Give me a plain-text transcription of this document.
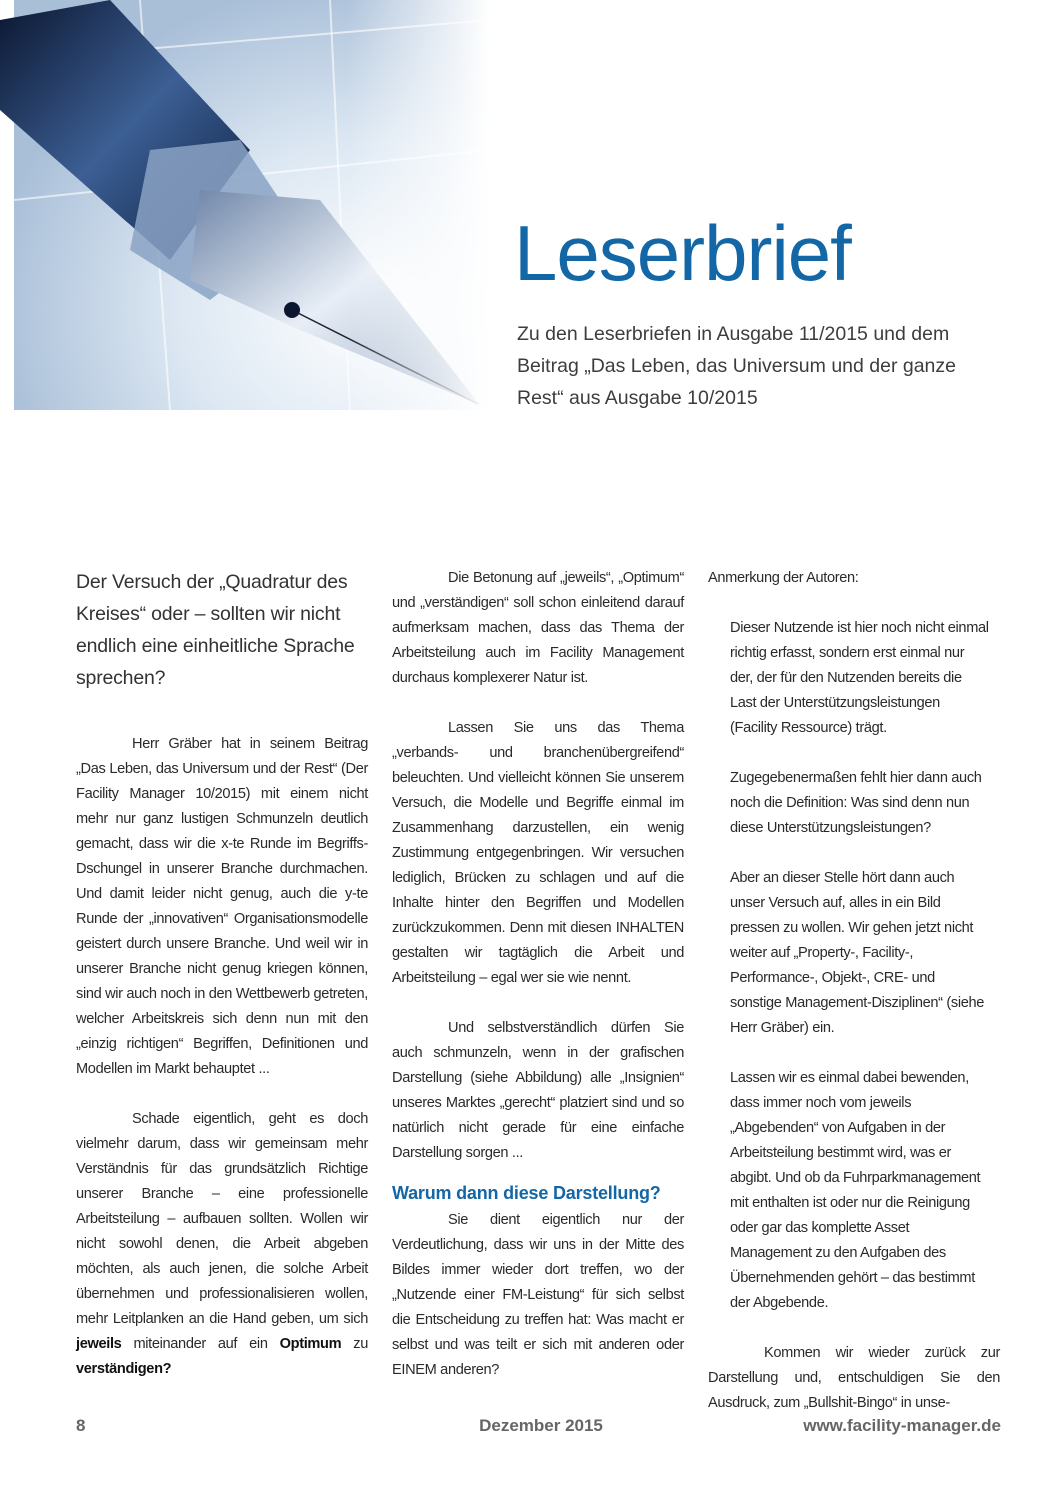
Leserbrief
Zu den Leserbriefen in Ausgabe 11/2015 und dem Beitrag „Das Leben, das Universum und der ganze Rest“ aus Ausgabe 10/2015
Der Versuch der „Quadratur des Kreises“ oder – sollten wir nicht endlich eine einheitliche Sprache sprechen?

Herr Gräber hat in seinem Beitrag „Das Leben, das Universum und der Rest“ (Der Facility Manager 10/2015) mit einem nicht mehr nur ganz lustigen Schmunzeln deutlich gemacht, dass wir die x-te Runde im Begriffs-Dschungel in unserer Branche durchmachen. Und damit leider nicht genug, auch die y-te Runde der „innovativen“ Organisationsmodelle geistert durch unsere Branche. Und weil wir in unserer Branche nicht genug kriegen können, sind wir auch noch in den Wettbewerb getreten, welcher Arbeitskreis sich denn nun mit den „einzig richtigen“ Begriffen, Definitionen und Modellen im Markt behauptet ...

Schade eigentlich, geht es doch vielmehr darum, dass wir gemeinsam mehr Verständnis für das grundsätzlich Richtige unserer Branche – eine professionelle Arbeitsteilung – aufbauen sollten. Wollen wir nicht sowohl denen, die Arbeit abgeben möchten, als auch jenen, die solche Arbeit übernehmen und professionalisieren wollen, mehr Leitplanken an die Hand geben, um sich jeweils miteinander auf ein Optimum zu verständigen?

Die Betonung auf „jeweils“, „Optimum“ und „verständigen“ soll schon einleitend darauf aufmerksam machen, dass das Thema der Arbeitsteilung auch im Facility Management durchaus komplexerer Natur ist.

Lassen Sie uns das Thema „verbands- und branchenübergreifend“ beleuchten. Und vielleicht können Sie unserem Versuch, die Modelle und Begriffe einmal im Zusammenhang darzustellen, ein wenig Zustimmung entgegenbringen. Wir versuchen lediglich, Brücken zu schlagen und auf die Inhalte hinter den Begriffen und Modellen zurückzukommen. Denn mit diesen INHALTEN gestalten wir tagtäglich die Arbeit und Arbeitsteilung – egal wer sie wie nennt.

Und selbstverständlich dürfen Sie auch schmunzeln, wenn in der grafischen Darstellung (siehe Abbildung) alle „Insignien“ unseres Marktes „gerecht“ platziert sind und so natürlich nicht gerade für eine einfache Darstellung sorgen ...

Warum dann diese Darstellung?

Sie dient eigentlich nur der Verdeutlichung, dass wir uns in der Mitte des Bildes immer wieder dort treffen, wo der „Nutzende einer FM-Leistung“ für sich selbst die Entscheidung zu treffen hat: Was macht er selbst und was teilt er sich mit anderen oder EINEM anderen?

Anmerkung der Autoren:

Dieser Nutzende ist hier noch nicht einmal richtig erfasst, sondern erst einmal nur der, der für den Nutzenden bereits die Last der Unterstützungsleistungen (Facility Ressource) trägt.

Zugegebenermaßen fehlt hier dann auch noch die Definition: Was sind denn nun diese Unterstützungsleistungen?

Aber an dieser Stelle hört dann auch unser Versuch auf, alles in ein Bild pressen zu wollen. Wir gehen jetzt nicht weiter auf „Property-, Facility-, Performance-, Objekt-, CRE- und sonstige Management-Disziplinen“ (siehe Herr Gräber) ein.

Lassen wir es einmal dabei bewenden, dass immer noch vom jeweils „Abgebenden“ von Aufgaben in der Arbeitsteilung bestimmt wird, was er abgibt. Und ob da Fuhrparkmanagement mit enthalten ist oder nur die Reinigung oder gar das komplette Asset Management zu den Aufgaben des Übernehmenden gehört – das bestimmt der Abgebende.

Kommen wir wieder zurück zur Darstellung und, entschuldigen Sie den Ausdruck, zum „Bullshit-Bingo“ in unse-

8	Dezember 2015	www.facility-manager.de
